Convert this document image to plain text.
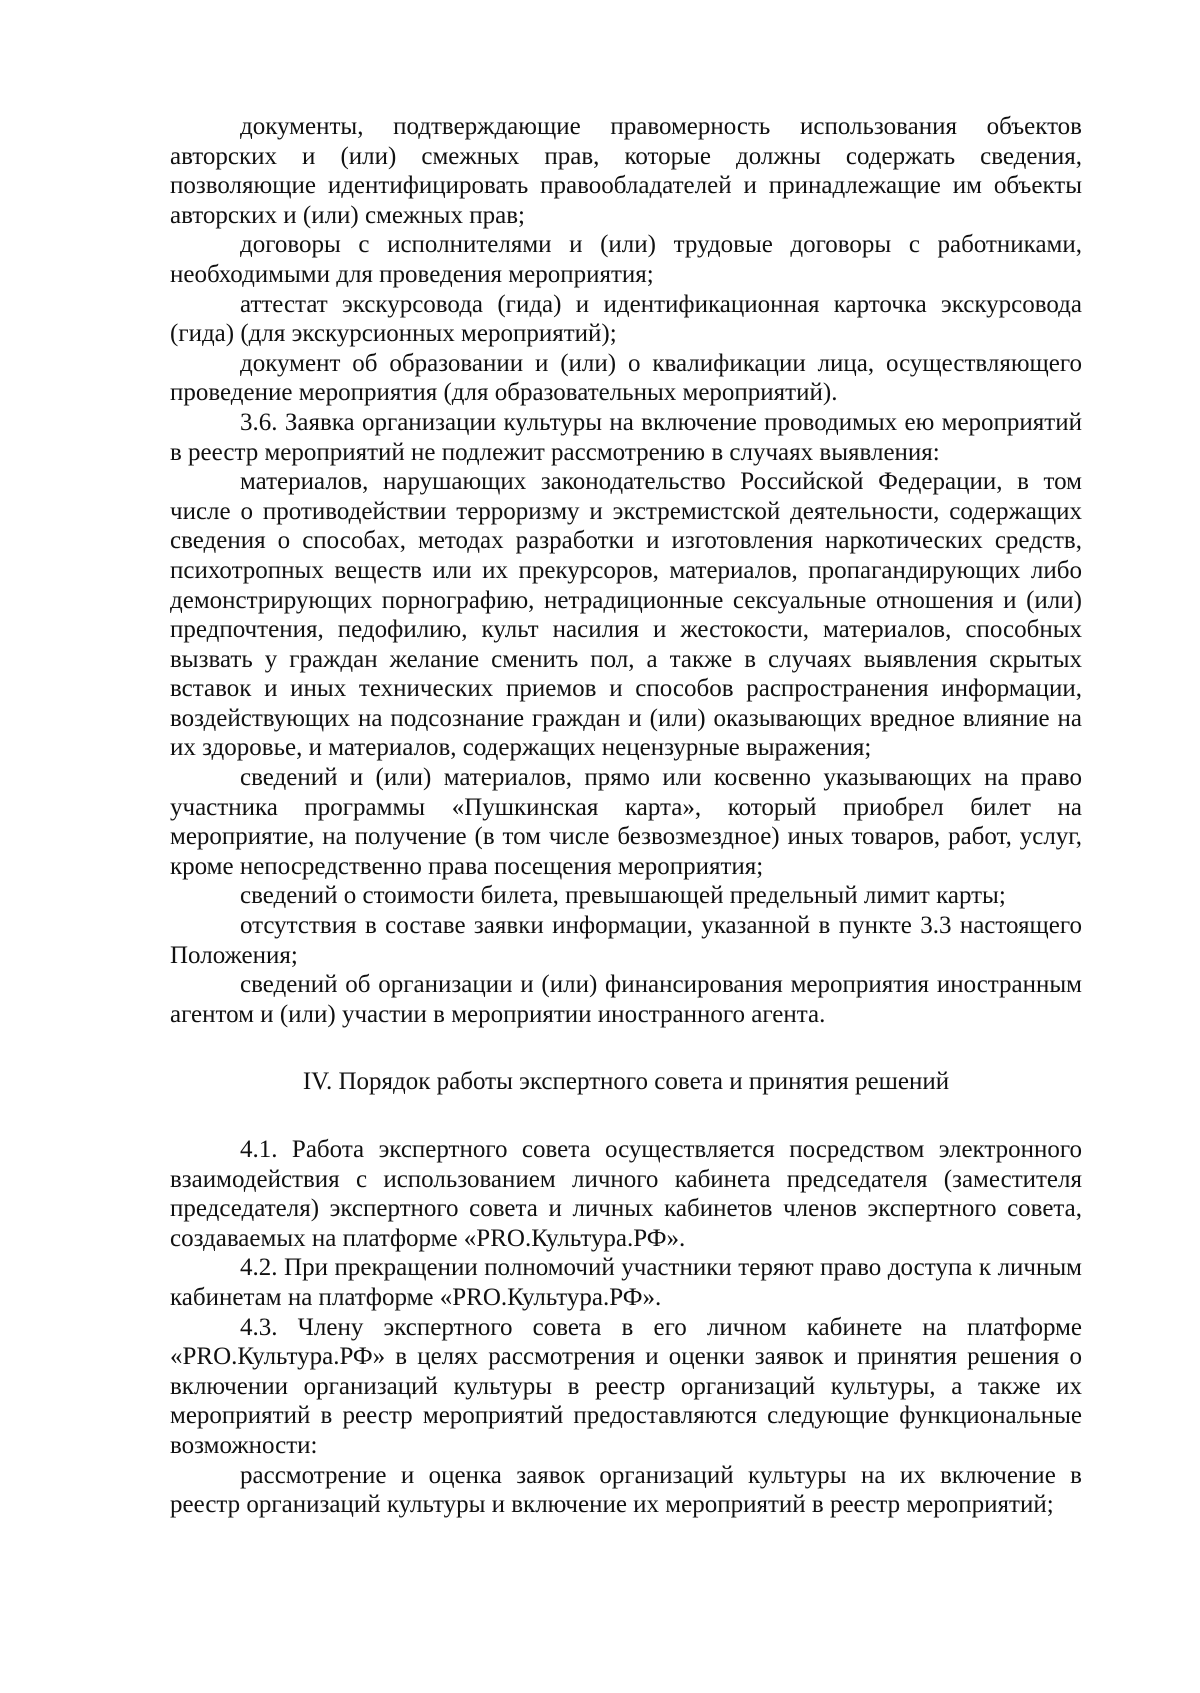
документы, подтверждающие правомерность использования объектов авторских и (или) смежных прав, которые должны содержать сведения, позволяющие идентифицировать правообладателей и принадлежащие им объекты авторских и (или) смежных прав;

договоры с исполнителями и (или) трудовые договоры с работниками, необходимыми для проведения мероприятия;

аттестат экскурсовода (гида) и идентификационная карточка экскурсовода (гида) (для экскурсионных мероприятий);

документ об образовании и (или) о квалификации лица, осуществляющего проведение мероприятия (для образовательных мероприятий).

3.6. Заявка организации культуры на включение проводимых ею мероприятий в реестр мероприятий не подлежит рассмотрению в случаях выявления:

материалов, нарушающих законодательство Российской Федерации, в том числе о противодействии терроризму и экстремистской деятельности, содержащих сведения о способах, методах разработки и изготовления наркотических средств, психотропных веществ или их прекурсоров, материалов, пропагандирующих либо демонстрирующих порнографию, нетрадиционные сексуальные отношения и (или) предпочтения, педофилию, культ насилия и жестокости, материалов, способных вызвать у граждан желание сменить пол, а также в случаях выявления скрытых вставок и иных технических приемов и способов распространения информации, воздействующих на подсознание граждан и (или) оказывающих вредное влияние на их здоровье, и материалов, содержащих нецензурные выражения;

сведений и (или) материалов, прямо или косвенно указывающих на право участника программы «Пушкинская карта», который приобрел билет на мероприятие, на получение (в том числе безвозмездное) иных товаров, работ, услуг, кроме непосредственно права посещения мероприятия;

сведений о стоимости билета, превышающей предельный лимит карты;

отсутствия в составе заявки информации, указанной в пункте 3.3 настоящего Положения;

сведений об организации и (или) финансирования мероприятия иностранным агентом и (или) участии в мероприятии иностранного агента.

IV. Порядок работы экспертного совета и принятия решений

4.1. Работа экспертного совета осуществляется посредством электронного взаимодействия с использованием личного кабинета председателя (заместителя председателя) экспертного совета и личных кабинетов членов экспертного совета, создаваемых на платформе «PRO.Культура.РФ».

4.2. При прекращении полномочий участники теряют право доступа к личным кабинетам на платформе «PRO.Культура.РФ».

4.3. Члену экспертного совета в его личном кабинете на платформе «PRO.Культура.РФ» в целях рассмотрения и оценки заявок и принятия решения о включении организаций культуры в реестр организаций культуры, а также их мероприятий в реестр мероприятий предоставляются следующие функциональные возможности:

рассмотрение и оценка заявок организаций культуры на их включение в реестр организаций культуры и включение их мероприятий в реестр мероприятий;
